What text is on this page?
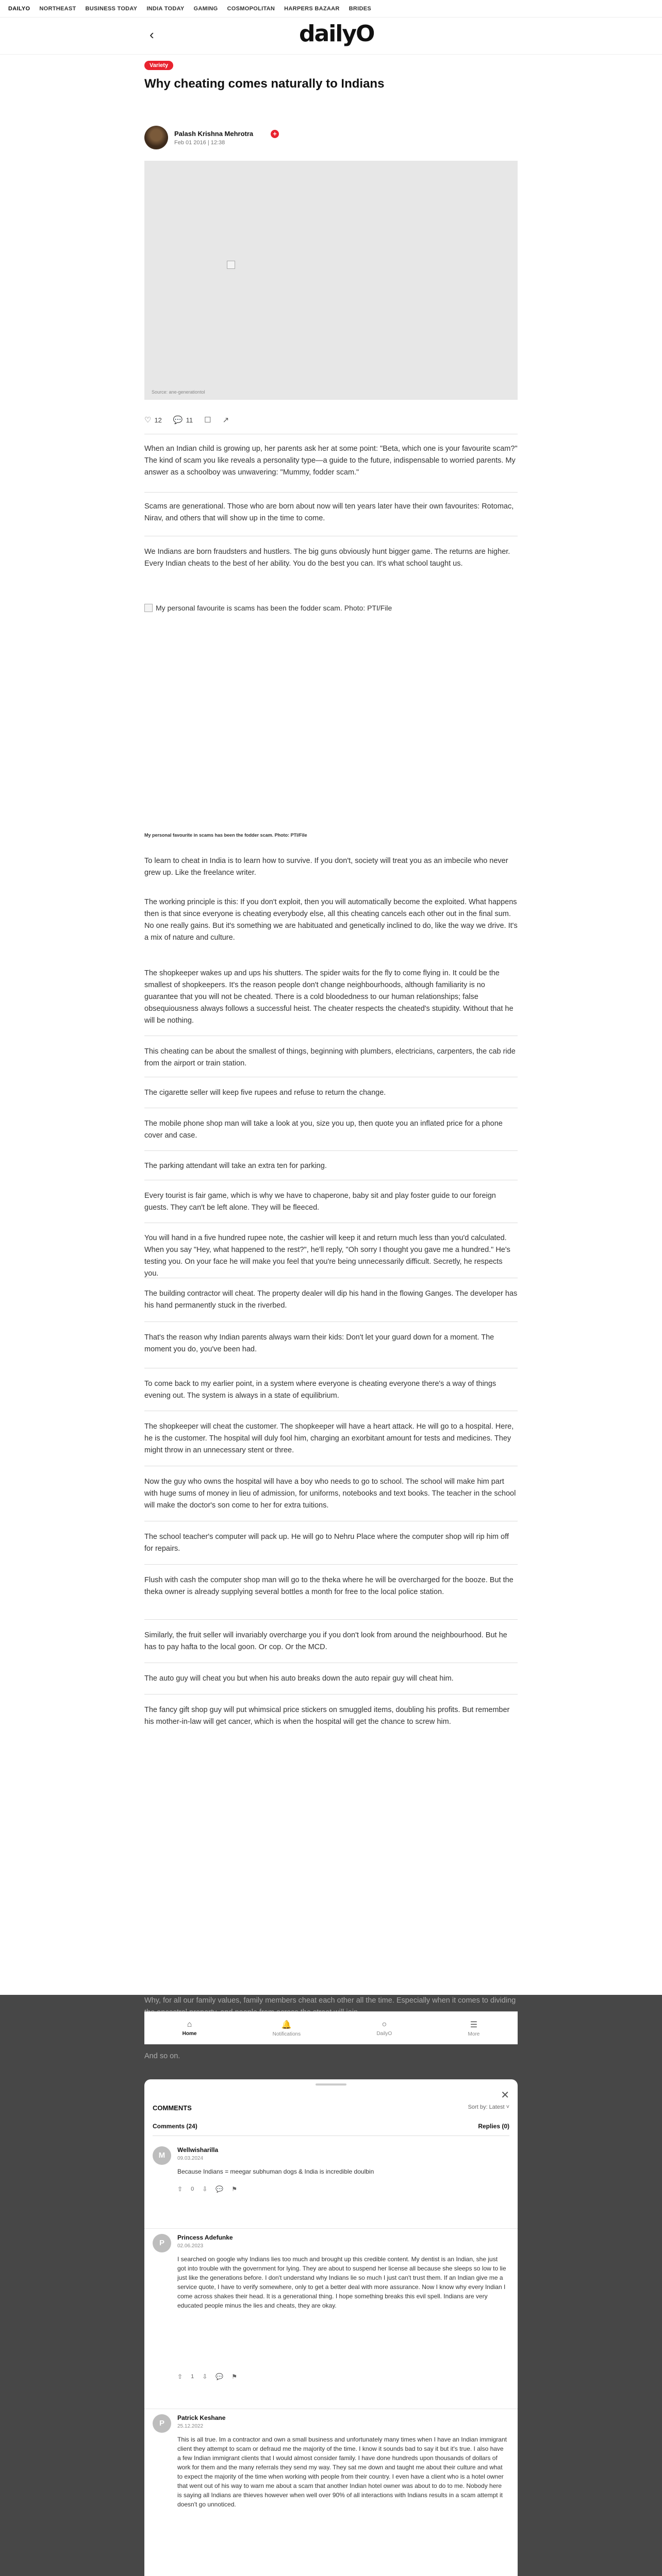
DAILYO NORTHEAST BUSINESS TODAY INDIA TODAY GAMING COSMOPOLITAN HARPERS BAZAAR BRIDES
‹	dailyO
Variety
Why cheating comes naturally to Indians
Palash Krishna Mehrotra
Feb 01 2016 | 12:38
+
Source: ane-generationtol
♡ 12 💬 11 ☐ ↗

When an Indian child is growing up, her parents ask her at some point: "Beta, which one is your favourite scam?" The kind of scam you like reveals a personality type—a guide to the future, indispensable to worried parents. My answer as a schoolboy was unwavering: "Mummy, fodder scam."

Scams are generational. Those who are born about now will ten years later have their own favourites: Rotomac, Nirav, and others that will show up in the time to come.

We Indians are born fraudsters and hustlers. The big guns obviously hunt bigger game. The returns are higher. Every Indian cheats to the best of her ability. You do the best you can. It's what school taught us.

My personal favourite is scams has been the fodder scam. Photo: PTI/File
My personal favourite in scams has been the fodder scam. Photo: PTI/File

To learn to cheat in India is to learn how to survive. If you don't, society will treat you as an imbecile who never grew up. Like the freelance writer.

The working principle is this: If you don't exploit, then you will automatically become the exploited. What happens then is that since everyone is cheating everybody else, all this cheating cancels each other out in the final sum. No one really gains. But it's something we are habituated and genetically inclined to do, like the way we drive. It's a mix of nature and culture.

The shopkeeper wakes up and ups his shutters. The spider waits for the fly to come flying in. It could be the smallest of shopkeepers. It's the reason people don't change neighbourhoods, although familiarity is no guarantee that you will not be cheated. There is a cold bloodedness to our human relationships; false obsequiousness always follows a successful heist. The cheater respects the cheated's stupidity. Without that he will be nothing.

This cheating can be about the smallest of things, beginning with plumbers, electricians, carpenters, the cab ride from the airport or train station.

The cigarette seller will keep five rupees and refuse to return the change.

The mobile phone shop man will take a look at you, size you up, then quote you an inflated price for a phone cover and case.

The parking attendant will take an extra ten for parking.

Every tourist is fair game, which is why we have to chaperone, baby sit and play foster guide to our foreign guests. They can't be left alone. They will be fleeced.

You will hand in a five hundred rupee note, the cashier will keep it and return much less than you'd calculated. When you say "Hey, what happened to the rest?", he'll reply, "Oh sorry I thought you gave me a hundred." He's testing you. On your face he will make you feel that you're being unnecessarily difficult. Secretly, he respects you.

The building contractor will cheat. The property dealer will dip his hand in the flowing Ganges. The developer has his hand permanently stuck in the riverbed.

That's the reason why Indian parents always warn their kids: Don't let your guard down for a moment. The moment you do, you've been had.

To come back to my earlier point, in a system where everyone is cheating everyone there's a way of things evening out. The system is always in a state of equilibrium.

The shopkeeper will cheat the customer. The shopkeeper will have a heart attack. He will go to a hospital. Here, he is the customer. The hospital will duly fool him, charging an exorbitant amount for tests and medicines. They might throw in an unnecessary stent or three.

Now the guy who owns the hospital will have a boy who needs to go to school. The school will make him part with huge sums of money in lieu of admission, for uniforms, notebooks and text books. The teacher in the school will make the doctor's son come to her for extra tuitions.

The school teacher's computer will pack up. He will go to Nehru Place where the computer shop will rip him off for repairs.

Flush with cash the computer shop man will go to the theka where he will be overcharged for the booze. But the theka owner is already supplying several bottles a month for free to the local police station.

Similarly, the fruit seller will invariably overcharge you if you don't look from around the neighbourhood. But he has to pay hafta to the local goon. Or cop. Or the MCD.

The auto guy will cheat you but when his auto breaks down the auto repair guy will cheat him.

The fancy gift shop guy will put whimsical price stickers on smuggled items, doubling his profits. But remember his mother-in-law will get cancer, which is when the hospital will get the chance to screw him.

Why, for all our family values, family members cheat each other all the time. Especially when it comes to dividing

And so on.

⌂
Home
🔔
Notifications
○
DailyO
☰
More
✕
COMMENTS	Sort by: Latest ˅
Comments (24)	Replies (0)
M
Wellwisharilla
09.03.2024
Because Indians = meegar subhuman dogs & India is incredible doulbin
⇧ 0 ⇩ 💬 ⚑
P
Princess Adefunke
02.06.2023
I searched on google why Indians lies too much and brought up this credible content. My dentist is an Indian, she just got into trouble with the government for lying. They are about to suspend her license all because she sleeps so low to lie just like the generations before. I don't understand why Indians lie so much I just can't trust them. If an Indian give me a service quote, I have to verify somewhere, only to get a better deal with more assurance. Now I know why every Indian I come across shakes their head. It is a generational thing. I hope something breaks this evil spell. Indians are very educated people minus the lies and cheats, they are okay.
⇧ 1 ⇩ 💬 ⚑
P
Patrick Keshane
25.12.2022
This is all true. Im a contractor and own a small business and unfortunately many times when I have an Indian immigrant client they attempt to scam or defraud me the majority of the time. I know it sounds bad to say it but it's true. I also have a few Indian immigrant clients that I would almost consider family. I have done hundreds upon thousands of dollars of work for them and the many referrals they send my way. They sat me down and taught me about their culture and what to expect the majority of the time when working with people from their country. I even have a client who is a hotel owner that went out of his way to warn me about a scam that another Indian hotel owner was about to do to me. Nobody here is saying all Indians are thieves however when well over 90% of all interactions with Indians results in a scam attempt it doesn't go unnoticed.
